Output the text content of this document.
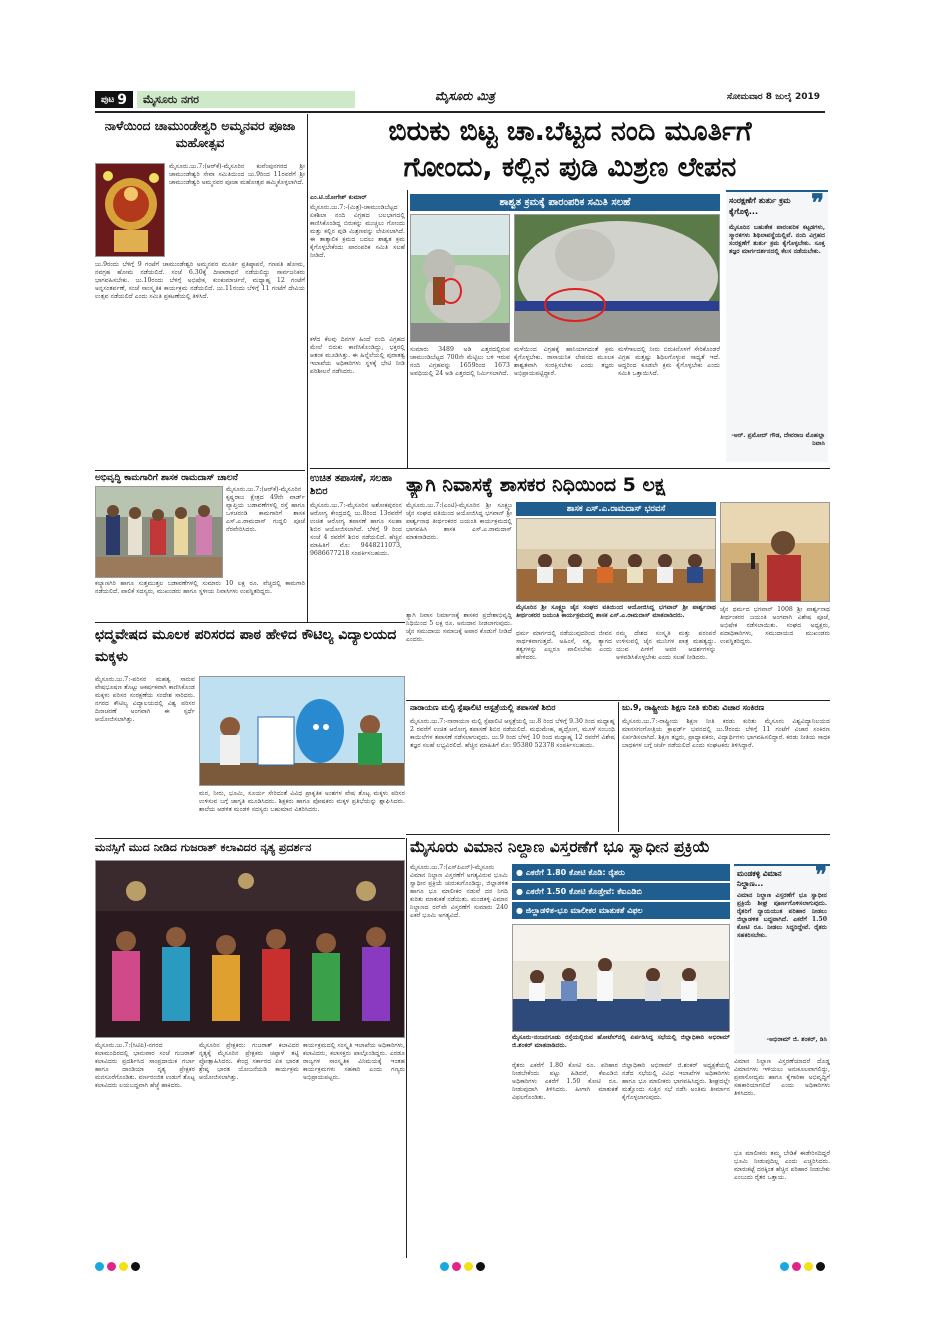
ಪುಟ 9	ಮೈಸೂರು ನಗರ	ಮೈಸೂರು ಮಿತ್ರ	ಸೋಮವಾರ 8 ಜುಲೈ 2019
ನಾಳೆಯಿಂದ ಚಾಮುಂಡೇಶ್ವರಿ ಅಮ್ಮನವರ ಪೂಜಾ ಮಹೋತ್ಸವ
ಮೈಸೂರು.ಜು.7:(ಆರ್‌ಕೆ)-ಮೈಸೂರಿನ ಕುವೆಂಪುನಗರದ ಶ್ರೀ ಚಾಮುಂಡೇಶ್ವರಿ ಸೇವಾ ಸಮಿತಿಯಿಂದ ಜು.9ರಿಂದ 11ರವರೆಗೆ ಶ್ರೀ ಚಾಮುಂಡೇಶ್ವರಿ ಅಮ್ಮನವರ ಪೂಜಾ ಮಹೋತ್ಸವ ಹಮ್ಮಿಕೊಳ್ಳಲಾಗಿದೆ.
ಜು.9ರಂದು ಬೆಳಿಗ್ಗೆ 9 ಗಂಟೆಗೆ ಚಾಮುಂಡೇಶ್ವರಿ ಅಮ್ಮನವರ ಮೂರ್ತಿ ಪ್ರತಿಷ್ಠಾಪನೆ, ಗಣಪತಿ ಹೋಮ, ನವಗ್ರಹ ಹೋಮ ನಡೆಯಲಿದೆ. ಸಂಜೆ 6.30ಕ್ಕೆ ದೀಪಾರಾಧನೆ ನಡೆಯಲಿದ್ದು ಸಾರ್ವಜನಿಕರು ಭಾಗವಹಿಸಬೇಕು. ಜು.10ರಂದು ಬೆಳಿಗ್ಗೆ ಅಭಿಷೇಕ, ಕುಂಕುಮಾರ್ಚನೆ, ಮಧ್ಯಾಹ್ನ 12 ಗಂಟೆಗೆ ಅನ್ನಸಂತರ್ಪಣೆ, ಸಂಜೆ ಸಾಂಸ್ಕೃತಿಕ ಕಾರ್ಯಕ್ರಮ ನಡೆಯಲಿದೆ. ಜು.11ರಂದು ಬೆಳಿಗ್ಗೆ 11 ಗಂಟೆಗೆ ದೇವಿಯ ಉತ್ಸವ ನಡೆಯಲಿದೆ ಎಂದು ಸಮಿತಿ ಪ್ರಕಟಣೆಯಲ್ಲಿ ತಿಳಿಸಿದೆ.
ಅಭಿವೃದ್ಧಿ ಕಾಮಗಾರಿಗೆ ಶಾಸಕ ರಾಮದಾಸ್ ಚಾಲನೆ
ಮೈಸೂರು.ಜು.7:(ಆರ್‌ಕೆ)-ಮೈಸೂರಿನ ಕೃಷ್ಣರಾಜ ಕ್ಷೇತ್ರದ 49ನೇ ವಾರ್ಡ್ ವ್ಯಾಪ್ತಿಯ ಬಡಾವಣೆಗಳಲ್ಲಿ ರಸ್ತೆ ಹಾಗೂ ಒಳಚರಂಡಿ ಕಾಮಗಾರಿಗೆ ಶಾಸಕ ಎಸ್.ಎ.ರಾಮದಾಸ್ ಗುದ್ದಲಿ ಪೂಜೆ ನೆರವೇರಿಸಿದರು.
ಕಲ್ಯಾಣಗಿರಿ ಹಾಗೂ ಸುತ್ತಮುತ್ತಲ ಬಡಾವಣೆಗಳಲ್ಲಿ ಸುಮಾರು 10 ಲಕ್ಷ ರೂ. ವೆಚ್ಚದಲ್ಲಿ ಕಾಮಗಾರಿ ನಡೆಯಲಿದೆ. ಪಾಲಿಕೆ ಸದಸ್ಯರು, ಮುಖಂಡರು ಹಾಗೂ ಸ್ಥಳೀಯ ನಿವಾಸಿಗಳು ಉಪಸ್ಥಿತರಿದ್ದರು.
ಉಚಿತ ತಪಾಸಣೆ, ಸಲಹಾ ಶಿಬಿರ
ಮೈಸೂರು.ಜು.7:-ಮೈಸೂರಿನ ಅಶೋಕಪುರಂನ ಆರೋಗ್ಯ ಕೇಂದ್ರದಲ್ಲಿ ಜು.8ರಿಂದ 13ರವರೆಗೆ ಉಚಿತ ಆರೋಗ್ಯ ತಪಾಸಣೆ ಹಾಗೂ ಸಲಹಾ ಶಿಬಿರ ಆಯೋಜಿಸಲಾಗಿದೆ. ಬೆಳಿಗ್ಗೆ 9 ರಿಂದ ಸಂಜೆ 4 ರವರೆಗೆ ಶಿಬಿರ ನಡೆಯಲಿದೆ. ಹೆಚ್ಚಿನ ಮಾಹಿತಿಗೆ ಮೊ: 9448211073, 9686677218 ಸಂಪರ್ಕಿಸಬಹುದು.
ಬಿರುಕು ಬಿಟ್ಟ ಚಾ.ಬೆಟ್ಟದ ನಂದಿ ಮೂರ್ತಿಗೆ
ಗೋಂದು, ಕಲ್ಲಿನ ಪುಡಿ ಮಿಶ್ರಣ ಲೇಪನ
ಎಂ.ಟಿ.ಯೋಗೇಶ್ ಕುಮಾರ್
ಮೈಸೂರು.ಜು.7:-(ಮಿತ್ರ)-ಚಾಮುಂಡಿಬೆಟ್ಟದ ಏಕಶಿಲಾ ನಂದಿ ವಿಗ್ರಹದ ಬಲಭಾಗದಲ್ಲಿ ಕಾಣಿಸಿಕೊಂಡಿದ್ದ ಬಿರುಕನ್ನು ಮುಚ್ಚಲು ಗೋಂದು ಮತ್ತು ಕಲ್ಲಿನ ಪುಡಿ ಮಿಶ್ರಣವನ್ನು ಲೇಪಿಸಲಾಗಿದೆ. ಈ ತಾತ್ಕಾಲಿಕ ಕ್ರಮದ ಬದಲು ಶಾಶ್ವತ ಕ್ರಮ ಕೈಗೊಳ್ಳಬೇಕೆಂದು ಪಾರಂಪರಿಕ ಸಮಿತಿ ಸಲಹೆ ನೀಡಿದೆ.
ಕಳೆದ ಕೆಲವು ದಿನಗಳ ಹಿಂದೆ ನಂದಿ ವಿಗ್ರಹದ ಮೇಲೆ ಬಿರುಕು ಕಾಣಿಸಿಕೊಂಡಿದ್ದು, ಭಕ್ತರಲ್ಲಿ ಆತಂಕ ಮೂಡಿಸಿತ್ತು. ಈ ಹಿನ್ನೆಲೆಯಲ್ಲಿ ಪುರಾತತ್ವ ಇಲಾಖೆಯ ಅಧಿಕಾರಿಗಳು ಸ್ಥಳಕ್ಕೆ ಭೇಟಿ ನೀಡಿ ಪರಿಶೀಲನೆ ನಡೆಸಿದರು.
ಶಾಶ್ವತ ಕ್ರಮಕ್ಕೆ ಪಾರಂಪರಿಕ ಸಮಿತಿ ಸಲಹೆ
ಸುಮಾರು 3489 ಅಡಿ ಎತ್ತರದಲ್ಲಿರುವ ಚಾಮುಂಡಿಬೆಟ್ಟದ 700ನೇ ಮೆಟ್ಟಿಲು ಬಳಿ ಇರುವ ನಂದಿ ವಿಗ್ರಹವನ್ನು 1659ರಿಂದ 1673 ಅವಧಿಯಲ್ಲಿ 24 ಅಡಿ ಎತ್ತರದಲ್ಲಿ ನಿರ್ಮಿಸಲಾಗಿದೆ.
ಮಳೆಯಿಂದ ವಿಗ್ರಹಕ್ಕೆ ಹಾನಿಯಾಗದಂತೆ ಕ್ರಮ ಕೈಗೊಳ್ಳಬೇಕು. ರಾಸಾಯನಿಕ ಲೇಪನದ ಮೂಲಕ ಶಾಶ್ವತವಾಗಿ ಸಂರಕ್ಷಿಸಬೇಕು ಎಂದು ತಜ್ಞರು ಅಭಿಪ್ರಾಯಪಟ್ಟಿದ್ದಾರೆ.
ಮಳೆಗಾಲದಲ್ಲಿ ನೀರು ಬಿರುಕಿನೊಳಗೆ ಸೇರಿಕೊಂಡರೆ ವಿಗ್ರಹ ಮತ್ತಷ್ಟು ಶಿಥಿಲಗೊಳ್ಳುವ ಸಾಧ್ಯತೆ ಇದೆ. ಆದ್ದರಿಂದ ಕೂಡಲೇ ಕ್ರಮ ಕೈಗೊಳ್ಳಬೇಕು ಎಂದು ಸಮಿತಿ ಒತ್ತಾಯಿಸಿದೆ.
❞
ಸಂರಕ್ಷಣೆಗೆ ತುರ್ತು ಕ್ರಮ ಕೈಗೊಳ್ಳಿ...
ಮೈಸೂರಿನ ಬಹುತೇಕ ಪಾರಂಪರಿಕ ಕಟ್ಟಡಗಳು, ಸ್ಮಾರಕಗಳು ಶಿಥಿಲಾವಸ್ಥೆಯಲ್ಲಿವೆ. ನಂದಿ ವಿಗ್ರಹದ ಸಂರಕ್ಷಣೆಗೆ ತುರ್ತು ಕ್ರಮ ಕೈಗೊಳ್ಳಬೇಕು. ಸೂಕ್ತ ತಜ್ಞರ ಮಾರ್ಗದರ್ಶನದಲ್ಲಿ ಕೆಲಸ ನಡೆಯಬೇಕು.
-ಆರ್. ಪ್ರಮೋದ್ ಗೌಡ, ದೇವರಾಜ ಮೊಹಲ್ಲಾ ನಿವಾಸಿ
ತ್ಯಾಗಿ ನಿವಾಸಕ್ಕೆ ಶಾಸಕರ ನಿಧಿಯಿಂದ 5 ಲಕ್ಷ
ಮೈಸೂರು.ಜು.7:(ಎಂಟಿ)-ಮೈಸೂರಿನ ಶ್ರೀ ಸೂಕ್ಷ್ಮಜ ಜೈನ ಸಂಘದ ವತಿಯಿಂದ ಆಯೋಜಿಸಿದ್ದ ಭಗವಾನ್ ಶ್ರೀ ಪಾರ್ಶ್ವನಾಥ ತೀರ್ಥಂಕರರ ಜಯಂತಿ ಕಾರ್ಯಕ್ರಮದಲ್ಲಿ ಭಾಗವಹಿಸಿ ಶಾಸಕ ಎಸ್.ಎ.ರಾಮದಾಸ್ ಮಾತನಾಡಿದರು.
ಶಾಸಕ ಎಸ್.ಎ.ರಾಮದಾಸ್ ಭರವಸೆ
ಮೈಸೂರಿನ ಶ್ರೀ ಸೂಕ್ಷ್ಮಜ ಜೈನ ಸಂಘದ ವತಿಯಿಂದ ಆಯೋಜಿಸಿದ್ದ ಭಗವಾನ್ ಶ್ರೀ ಪಾರ್ಶ್ವನಾಥ ತೀರ್ಥಂಕರರ ಜಯಂತಿ ಕಾರ್ಯಕ್ರಮದಲ್ಲಿ ಶಾಸಕ ಎಸ್.ಎ.ರಾಮದಾಸ್ ಮಾತನಾಡಿದರು.
ತ್ಯಾಗಿ ನಿವಾಸ ನಿರ್ಮಾಣಕ್ಕೆ ಶಾಸಕರ ಪ್ರದೇಶಾಭಿವೃದ್ಧಿ ನಿಧಿಯಿಂದ 5 ಲಕ್ಷ ರೂ. ಅನುದಾನ ನೀಡಲಾಗುವುದು. ಜೈನ ಸಮುದಾಯ ಸಮಾಜಕ್ಕೆ ಅಪಾರ ಕೊಡುಗೆ ನೀಡಿದೆ ಎಂದರು.
ಧರ್ಮ ಮಾರ್ಗದಲ್ಲಿ ನಡೆಯುವುದರಿಂದ ಜೀವನ ಸಾರ್ಥಕವಾಗುತ್ತದೆ. ಅಹಿಂಸೆ, ಸತ್ಯ, ತ್ಯಾಗದ ತತ್ವಗಳನ್ನು ಎಲ್ಲರೂ ಪಾಲಿಸಬೇಕು ಎಂದು ಹೇಳಿದರು.
ನಮ್ಮ ದೇಶದ ಸಂಸ್ಕೃತಿ ಮತ್ತು ಪರಂಪರೆ ಉಳಿಸುವಲ್ಲಿ ಜೈನ ಮುನಿಗಳ ಪಾತ್ರ ಮಹತ್ವದ್ದು. ಯುವ ಪೀಳಿಗೆ ಅವರ ಆದರ್ಶಗಳನ್ನು ಅಳವಡಿಸಿಕೊಳ್ಳಬೇಕು ಎಂದು ಸಲಹೆ ನೀಡಿದರು.
ಜೈನ ಧರ್ಮದ ಭಗವಾನ್ 1008 ಶ್ರೀ ಪಾರ್ಶ್ವನಾಥ ತೀರ್ಥಂಕರರ ಜಯಂತಿ ಅಂಗವಾಗಿ ವಿಶೇಷ ಪೂಜೆ, ಅಭಿಷೇಕ ನಡೆಸಲಾಯಿತು. ಸಂಘದ ಅಧ್ಯಕ್ಷರು, ಪದಾಧಿಕಾರಿಗಳು, ಸಮುದಾಯದ ಮುಖಂಡರು ಉಪಸ್ಥಿತರಿದ್ದರು.
ಛದ್ಮವೇಷದ ಮೂಲಕ ಪರಿಸರದ ಪಾಠ ಹೇಳಿದ ಕೌಟಿಲ್ಯ ವಿದ್ಯಾಲಯದ ಮಕ್ಕಳು
ಮೈಸೂರು.ಜು.7:-ಪರಿಸರ ಮಹತ್ವ ಸಾರುವ ವೇಷಭೂಷಣ ತೊಟ್ಟು ಆಕರ್ಷಕವಾಗಿ ಕಾಣಿಸಿಕೊಂಡ ಮಕ್ಕಳು ಪರಿಸರ ಸಂರಕ್ಷಣೆಯ ಸಂದೇಶ ಸಾರಿದರು. ನಗರದ ಕೌಟಿಲ್ಯ ವಿದ್ಯಾಲಯದಲ್ಲಿ ವಿಶ್ವ ಪರಿಸರ ದಿನಾಚರಣೆ ಅಂಗವಾಗಿ ಈ ಸ್ಪರ್ಧೆ ಆಯೋಜಿಸಲಾಗಿತ್ತು.
ಮರ, ನೀರು, ಭೂಮಿ, ಸೂರ್ಯ ಸೇರಿದಂತೆ ವಿವಿಧ ಪ್ರಾಕೃತಿಕ ಅಂಶಗಳ ವೇಷ ತೊಟ್ಟ ಮಕ್ಕಳು ಪರಿಸರ ಉಳಿಸುವ ಬಗ್ಗೆ ಜಾಗೃತಿ ಮೂಡಿಸಿದರು. ಶಿಕ್ಷಕರು ಹಾಗೂ ಪೋಷಕರು ಮಕ್ಕಳ ಪ್ರತಿಭೆಯನ್ನು ಶ್ಲಾಘಿಸಿದರು. ಶಾಲೆಯ ಆಡಳಿತ ಮಂಡಳಿ ಸದಸ್ಯರು ಬಹುಮಾನ ವಿತರಿಸಿದರು.
ನಾರಾಯಣ ಮಲ್ಟಿ ಸ್ಪೆಷಾಲಿಟಿ ಆಸ್ಪತ್ರೆಯಲ್ಲಿ ತಪಾಸಣೆ ಶಿಬಿರ
ಮೈಸೂರು.ಜು.7:-ನಾರಾಯಣ ಮಲ್ಟಿ ಸ್ಪೆಷಾಲಿಟಿ ಆಸ್ಪತ್ರೆಯಲ್ಲಿ ಜು.8 ರಿಂದ ಬೆಳಿಗ್ಗೆ 9.30 ರಿಂದ ಮಧ್ಯಾಹ್ನ 2 ರವರೆಗೆ ಉಚಿತ ಆರೋಗ್ಯ ತಪಾಸಣೆ ಶಿಬಿರ ನಡೆಯಲಿದೆ. ಮಧುಮೇಹ, ಹೃದ್ರೋಗ, ಮೂಳೆ ಸಂಬಂಧಿ ಕಾಯಿಲೆಗಳ ತಪಾಸಣೆ ನಡೆಸಲಾಗುವುದು. ಜು.9 ರಿಂದ ಬೆಳಿಗ್ಗೆ 10 ರಿಂದ ಮಧ್ಯಾಹ್ನ 12 ರವರೆಗೆ ವಿಶೇಷ ತಜ್ಞರ ಸಲಹೆ ಲಭ್ಯವಿರಲಿದೆ. ಹೆಚ್ಚಿನ ಮಾಹಿತಿಗೆ ಮೊ: 95380 52378 ಸಂಪರ್ಕಿಸಬಹುದು.
ಜು.9, ರಾಷ್ಟ್ರೀಯ ಶಿಕ್ಷಣ ನೀತಿ ಕುರಿತು ವಿಚಾರ ಸಂಕಿರಣ
ಮೈಸೂರು.ಜು.7:-ರಾಷ್ಟ್ರೀಯ ಶಿಕ್ಷಣ ನೀತಿ ಕರಡು ಕುರಿತು ಮೈಸೂರು ವಿಶ್ವವಿದ್ಯಾನಿಲಯದ ಮಾನಸಗಂಗೋತ್ರಿಯ ಕ್ರಾಫರ್ಡ್ ಭವನದಲ್ಲಿ ಜು.9ರಂದು ಬೆಳಿಗ್ಗೆ 11 ಗಂಟೆಗೆ ವಿಚಾರ ಸಂಕಿರಣ ಏರ್ಪಡಿಸಲಾಗಿದೆ. ಶಿಕ್ಷಣ ತಜ್ಞರು, ಪ್ರಾಧ್ಯಾಪಕರು, ವಿದ್ಯಾರ್ಥಿಗಳು ಭಾಗವಹಿಸಲಿದ್ದಾರೆ. ಕರಡು ನೀತಿಯ ಸಾಧಕ ಬಾಧಕಗಳ ಬಗ್ಗೆ ಚರ್ಚೆ ನಡೆಯಲಿದೆ ಎಂದು ಸಂಘಟಕರು ತಿಳಿಸಿದ್ದಾರೆ.
ಮೈಸೂರು ವಿಮಾನ ನಿಲ್ದಾಣ ವಿಸ್ತರಣೆಗೆ ಭೂ ಸ್ವಾಧೀನ ಪ್ರಕ್ರಿಯೆ
ಮೈಸೂರು.ಜು.7:(ಎಸ್‌ಪಿಎನ್)-ಮೈಸೂರು ವಿಮಾನ ನಿಲ್ದಾಣ ವಿಸ್ತರಣೆಗೆ ಅಗತ್ಯವಿರುವ ಭೂಮಿ ಸ್ವಾಧೀನ ಪ್ರಕ್ರಿಯೆ ಚುರುಕುಗೊಂಡಿದ್ದು, ಜಿಲ್ಲಾಡಳಿತ ಹಾಗೂ ಭೂ ಮಾಲೀಕರ ನಡುವೆ ದರ ನಿಗದಿ ಕುರಿತು ಮಾತುಕತೆ ನಡೆಯಿತು. ಮಂಡಕಳ್ಳಿ ವಿಮಾನ ನಿಲ್ದಾಣದ ರನ್‌ವೇ ವಿಸ್ತರಣೆಗೆ ಸುಮಾರು 240 ಎಕರೆ ಭೂಮಿ ಅಗತ್ಯವಿದೆ.
● ಎಕರೆಗೆ 1.80 ಕೋಟಿ ಕೊಡಿ: ರೈತರು
● ಎಕರೆಗೆ 1.50 ಕೋಟಿ ಕೊಡ್ತೇವೆ: ಕೆಐಎಡಿಬಿ
● ಜಿಲ್ಲಾಡಳಿತ-ಭೂ ಮಾಲೀಕರ ಮಾತುಕತೆ ವಿಫಲ
ಮೈಸೂರು-ನಂಜನಗೂಡು ರಸ್ತೆಯಲ್ಲಿರುವ ಹೋಟೆಲ್‌ನಲ್ಲಿ ಏರ್ಪಡಿಸಿದ್ದ ಸಭೆಯಲ್ಲಿ ಜಿಲ್ಲಾಧಿಕಾರಿ ಅಭಿರಾಮ್ ಜಿ.ಶಂಕರ್ ಮಾತನಾಡಿದರು.
ರೈತರು ಎಕರೆಗೆ 1.80 ಕೋಟಿ ರೂ. ಪರಿಹಾರ ನೀಡಬೇಕೆಂದು ಪಟ್ಟು ಹಿಡಿದರೆ, ಕೆಐಎಡಿಬಿ ಅಧಿಕಾರಿಗಳು ಎಕರೆಗೆ 1.50 ಕೋಟಿ ರೂ. ನೀಡುವುದಾಗಿ ತಿಳಿಸಿದರು. ಹೀಗಾಗಿ ಮಾತುಕತೆ ವಿಫಲಗೊಂಡಿತು.
ಜಿಲ್ಲಾಧಿಕಾರಿ ಅಭಿರಾಮ್ ಜಿ.ಶಂಕರ್ ಅಧ್ಯಕ್ಷತೆಯಲ್ಲಿ ನಡೆದ ಸಭೆಯಲ್ಲಿ ವಿವಿಧ ಇಲಾಖೆಗಳ ಅಧಿಕಾರಿಗಳು ಹಾಗೂ ಭೂ ಮಾಲೀಕರು ಭಾಗವಹಿಸಿದ್ದರು. ಶೀಘ್ರದಲ್ಲೇ ಮತ್ತೊಂದು ಸುತ್ತಿನ ಸಭೆ ನಡೆಸಿ ಅಂತಿಮ ತೀರ್ಮಾನ ಕೈಗೊಳ್ಳಲಾಗುವುದು.
❞
ಮಂಡಕಳ್ಳಿ ವಿಮಾನ ನಿಲ್ದಾಣ...
ವಿಮಾನ ನಿಲ್ದಾಣ ವಿಸ್ತರಣೆಗೆ ಭೂ ಸ್ವಾಧೀನ ಪ್ರಕ್ರಿಯೆ ಶೀಘ್ರ ಪೂರ್ಣಗೊಳಿಸಲಾಗುವುದು. ರೈತರಿಗೆ ನ್ಯಾಯಯುತ ಪರಿಹಾರ ನೀಡಲು ಜಿಲ್ಲಾಡಳಿತ ಬದ್ಧವಾಗಿದೆ. ಎಕರೆಗೆ 1.50 ಕೋಟಿ ರೂ. ನೀಡಲು ಸಿದ್ಧರಿದ್ದೇವೆ. ರೈತರು ಸಹಕರಿಸಬೇಕು.
-ಅಭಿರಾಮ್ ಜಿ. ಶಂಕರ್, ಡಿಸಿ
ವಿಮಾನ ನಿಲ್ದಾಣ ವಿಸ್ತರಣೆಯಾದರೆ ದೊಡ್ಡ ವಿಮಾನಗಳು ಇಳಿಯಲು ಅನುಕೂಲವಾಗಲಿದ್ದು, ಪ್ರವಾಸೋದ್ಯಮ ಹಾಗೂ ಕೈಗಾರಿಕಾ ಅಭಿವೃದ್ಧಿಗೆ ಸಹಕಾರಿಯಾಗಲಿದೆ ಎಂದು ಅಧಿಕಾರಿಗಳು ತಿಳಿಸಿದರು.
ಭೂ ಮಾಲೀಕರು ತಮ್ಮ ಬೇಡಿಕೆ ಈಡೇರಿಸದಿದ್ದರೆ ಭೂಮಿ ನೀಡುವುದಿಲ್ಲ ಎಂದು ಎಚ್ಚರಿಸಿದರು. ಮಾರುಕಟ್ಟೆ ದರಕ್ಕಿಂತ ಹೆಚ್ಚಿನ ಪರಿಹಾರ ನೀಡಬೇಕು ಎಂಬುದು ರೈತರ ಒತ್ತಾಯ.
ಮನಸ್ಸಿಗೆ ಮುದ ನೀಡಿದ ಗುಜರಾತ್ ಕಲಾವಿದರ ನೃತ್ಯ ಪ್ರದರ್ಶನ
ಮೈಸೂರು.ಜು.7:(ಸಿಟಿಪಿ)-ನಗರದ ಕಲಾಮಂದಿರದಲ್ಲಿ ಭಾನುವಾರ ಸಂಜೆ ಗುಜರಾತ್ ಕಲಾವಿದರು ಪ್ರದರ್ಶಿಸಿದ ಸಾಂಪ್ರದಾಯಿಕ ಗರ್ಬಾ ಹಾಗೂ ದಾಂಡಿಯಾ ನೃತ್ಯ ಪ್ರೇಕ್ಷಕರ ಮನಸೂರೆಗೊಂಡಿತು. ವರ್ಣರಂಜಿತ ಉಡುಗೆ ತೊಟ್ಟ ಕಲಾವಿದರು ಲಯಬದ್ಧವಾಗಿ ಹೆಜ್ಜೆ ಹಾಕಿದರು.
ಮೈಸೂರಿನ ಪ್ರೇಕ್ಷಕರು: ಗುಜರಾತ್ ಕಲಾವಿದರ ನೃತ್ಯಕ್ಕೆ ಮೈಸೂರಿನ ಪ್ರೇಕ್ಷಕರು ಚಪ್ಪಾಳೆ ತಟ್ಟಿ ಪ್ರೋತ್ಸಾಹಿಸಿದರು. ಕೇಂದ್ರ ಸರ್ಕಾರದ ಏಕ ಭಾರತ ಶ್ರೇಷ್ಠ ಭಾರತ ಯೋಜನೆಯಡಿ ಕಾರ್ಯಕ್ರಮ ಆಯೋಜಿಸಲಾಗಿತ್ತು.
ಕಾರ್ಯಕ್ರಮದಲ್ಲಿ ಸಂಸ್ಕೃತಿ ಇಲಾಖೆಯ ಅಧಿಕಾರಿಗಳು, ಕಲಾವಿದರು, ಕಲಾಸಕ್ತರು ಪಾಲ್ಗೊಂಡಿದ್ದರು. ಎರಡೂ ರಾಜ್ಯಗಳ ಸಾಂಸ್ಕೃತಿಕ ವಿನಿಮಯಕ್ಕೆ ಇಂತಹ ಕಾರ್ಯಕ್ರಮಗಳು ಸಹಕಾರಿ ಎಂದು ಗಣ್ಯರು ಅಭಿಪ್ರಾಯಪಟ್ಟರು.
